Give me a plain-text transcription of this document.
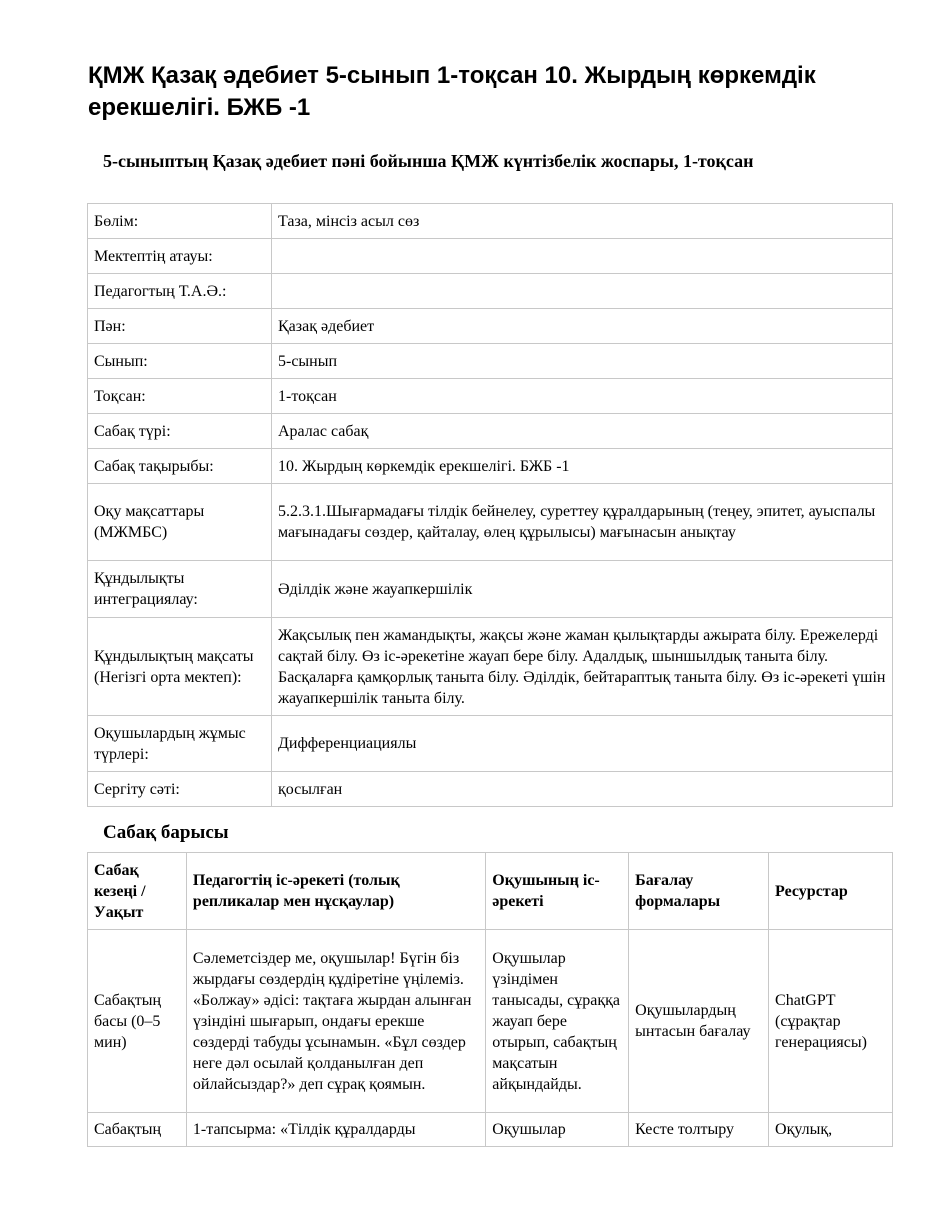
ҚМЖ Қазақ әдебиет 5-сынып 1-тоқсан 10. Жырдың көркемдік ерекшелігі. БЖБ -1
5-сыныптың Қазақ әдебиет пәні бойынша ҚМЖ күнтізбелік жоспары, 1-тоқсан
Бөлім:	Таза, мінсіз асыл сөз
Мектептің атауы:	
Педагогтың Т.А.Ә.:	
Пән:	Қазақ әдебиет
Сынып:	5-сынып
Тоқсан:	1-тоқсан
Сабақ түрі:	Аралас сабақ
Сабақ тақырыбы:	10. Жырдың көркемдік ерекшелігі. БЖБ -1
Оқу мақсаттары (МЖМБС)	5.2.3.1.Шығармадағы тілдік бейнелеу, суреттеу құралдарының (теңеу, эпитет, ауыспалы мағынадағы сөздер, қайталау, өлең құрылысы) мағынасын анықтау
Құндылықты интеграциялау:	Әділдік және жауапкершілік
Құндылықтың мақсаты (Негізгі орта мектеп):	Жақсылық пен жамандықты, жақсы және жаман қылықтарды ажырата білу. Ережелерді сақтай білу. Өз іс-әрекетіне жауап бере білу. Адалдық, шыншылдық таныта білу. Басқаларға қамқорлық таныта білу. Әділдік, бейтараптық таныта білу. Өз іс-әрекеті үшін жауапкершілік таныта білу.
Оқушылардың жұмыс түрлері:	Дифференциациялы
Сергіту сәті:	қосылған
Сабақ барысы
Сабақ кезеңі / Уақыт	Педагогтің іс-әрекеті (толық репликалар мен нұсқаулар)	Оқушының іс-әрекеті	Бағалау формалары	Ресурстар
Сабақтың басы (0–5 мин)	Сәлеметсіздер ме, оқушылар! Бүгін біз жырдағы сөздердің құдіретіне үңілеміз. «Болжау» әдісі: тақтаға жырдан алынған үзіндіні шығарып, ондағы ерекше сөздерді табуды ұсынамын. «Бұл сөздер неге дәл осылай қолданылған деп ойлайсыздар?» деп сұрақ қоямын.	Оқушылар үзіндімен танысады, сұраққа жауап бере отырып, сабақтың мақсатын айқындайды.	Оқушылардың ынтасын бағалау	ChatGPT (сұрақтар генерациясы)
Сабақтың	1-тапсырма: «Тілдік құралдарды	Оқушылар	Кесте толтыру	Оқулық,
